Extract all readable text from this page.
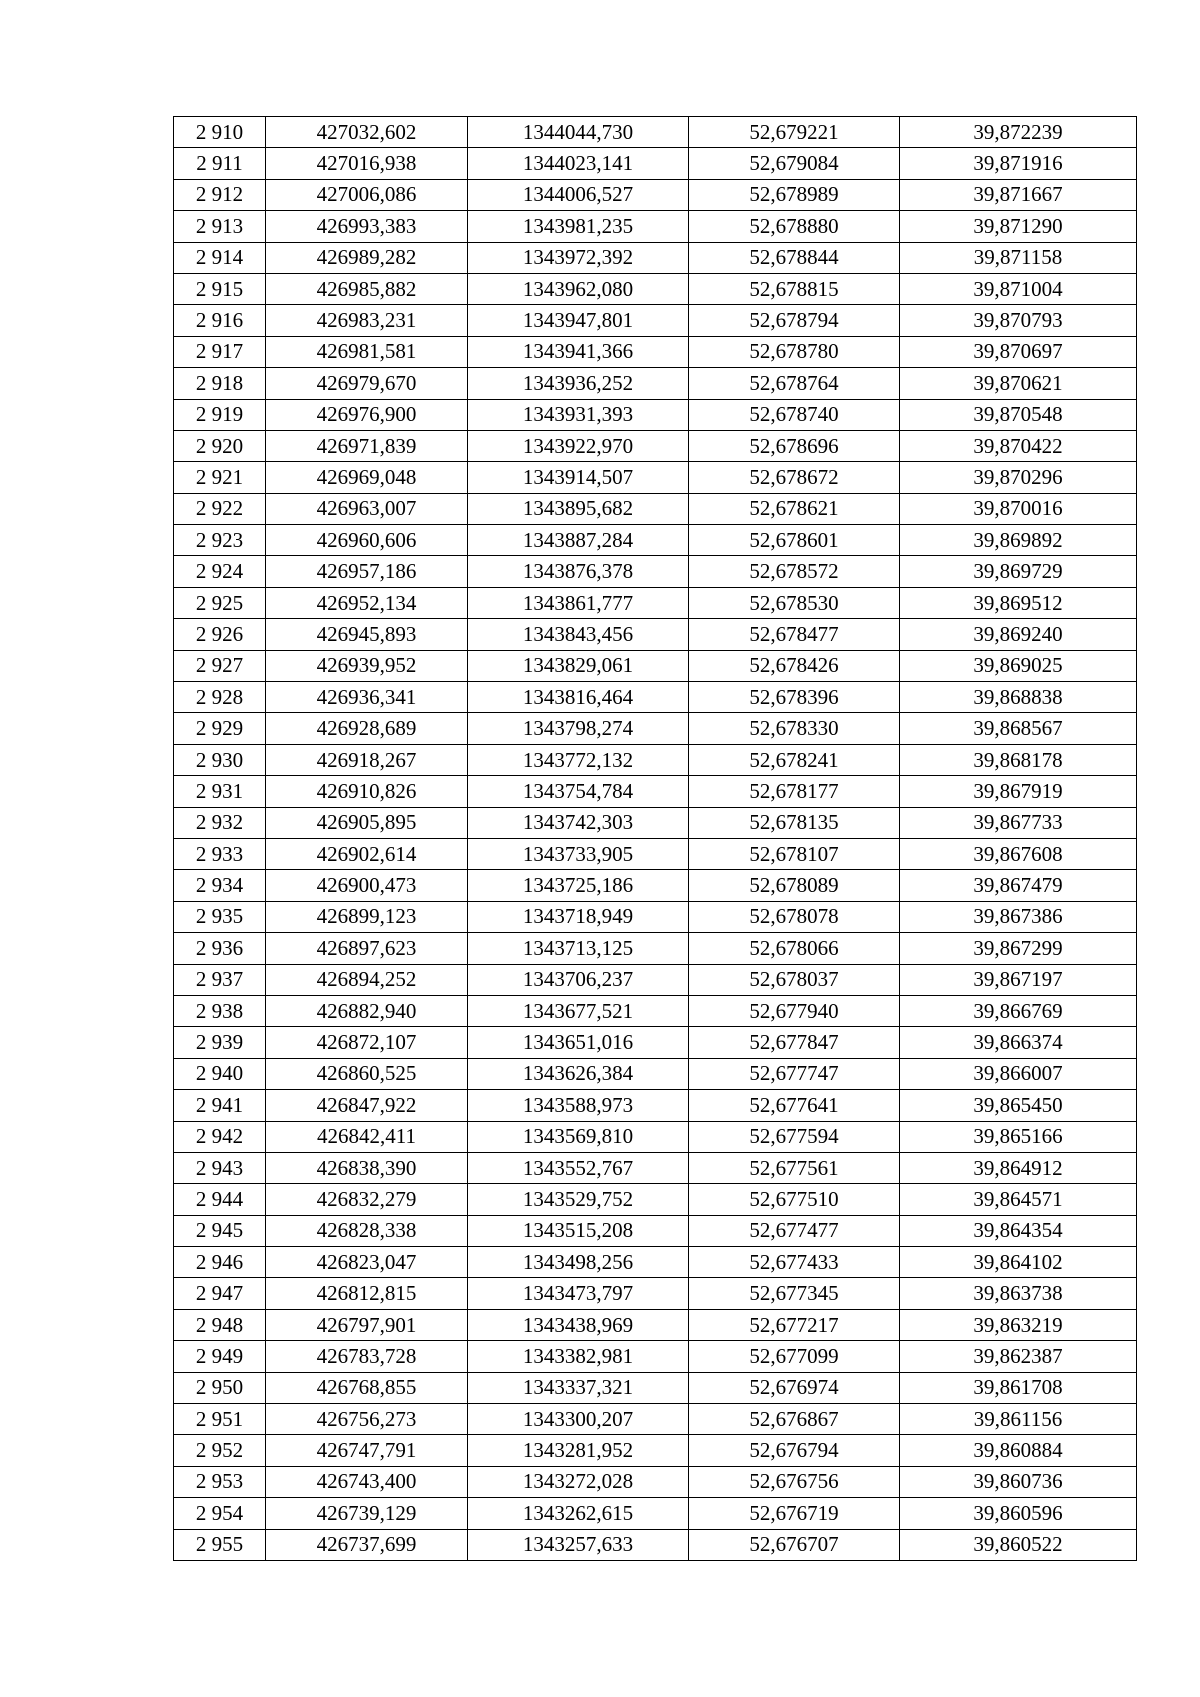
2 910	427032,602	1344044,730	52,679221	39,872239
2 911	427016,938	1344023,141	52,679084	39,871916
2 912	427006,086	1344006,527	52,678989	39,871667
2 913	426993,383	1343981,235	52,678880	39,871290
2 914	426989,282	1343972,392	52,678844	39,871158
2 915	426985,882	1343962,080	52,678815	39,871004
2 916	426983,231	1343947,801	52,678794	39,870793
2 917	426981,581	1343941,366	52,678780	39,870697
2 918	426979,670	1343936,252	52,678764	39,870621
2 919	426976,900	1343931,393	52,678740	39,870548
2 920	426971,839	1343922,970	52,678696	39,870422
2 921	426969,048	1343914,507	52,678672	39,870296
2 922	426963,007	1343895,682	52,678621	39,870016
2 923	426960,606	1343887,284	52,678601	39,869892
2 924	426957,186	1343876,378	52,678572	39,869729
2 925	426952,134	1343861,777	52,678530	39,869512
2 926	426945,893	1343843,456	52,678477	39,869240
2 927	426939,952	1343829,061	52,678426	39,869025
2 928	426936,341	1343816,464	52,678396	39,868838
2 929	426928,689	1343798,274	52,678330	39,868567
2 930	426918,267	1343772,132	52,678241	39,868178
2 931	426910,826	1343754,784	52,678177	39,867919
2 932	426905,895	1343742,303	52,678135	39,867733
2 933	426902,614	1343733,905	52,678107	39,867608
2 934	426900,473	1343725,186	52,678089	39,867479
2 935	426899,123	1343718,949	52,678078	39,867386
2 936	426897,623	1343713,125	52,678066	39,867299
2 937	426894,252	1343706,237	52,678037	39,867197
2 938	426882,940	1343677,521	52,677940	39,866769
2 939	426872,107	1343651,016	52,677847	39,866374
2 940	426860,525	1343626,384	52,677747	39,866007
2 941	426847,922	1343588,973	52,677641	39,865450
2 942	426842,411	1343569,810	52,677594	39,865166
2 943	426838,390	1343552,767	52,677561	39,864912
2 944	426832,279	1343529,752	52,677510	39,864571
2 945	426828,338	1343515,208	52,677477	39,864354
2 946	426823,047	1343498,256	52,677433	39,864102
2 947	426812,815	1343473,797	52,677345	39,863738
2 948	426797,901	1343438,969	52,677217	39,863219
2 949	426783,728	1343382,981	52,677099	39,862387
2 950	426768,855	1343337,321	52,676974	39,861708
2 951	426756,273	1343300,207	52,676867	39,861156
2 952	426747,791	1343281,952	52,676794	39,860884
2 953	426743,400	1343272,028	52,676756	39,860736
2 954	426739,129	1343262,615	52,676719	39,860596
2 955	426737,699	1343257,633	52,676707	39,860522
